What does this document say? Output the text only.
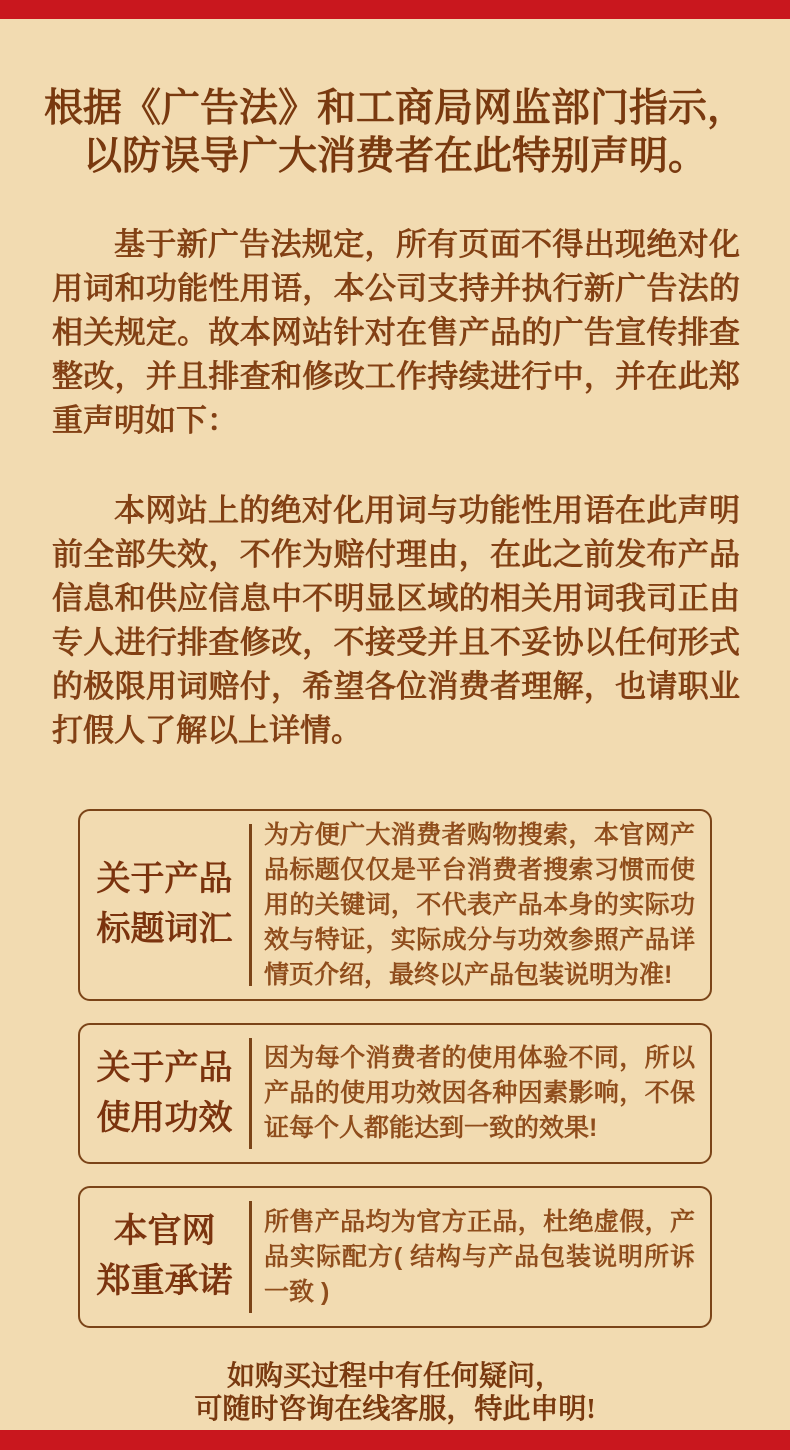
根据《广告法》和工商局网监部门指示，
以防误导广大消费者在此特别声明。

基于新广告法规定，所有页面不得出现绝对化用词和功能性用语，本公司支持并执行新广告法的相关规定。故本网站针对在售产品的广告宣传排查整改，并且排查和修改工作持续进行中，并在此郑重声明如下：

本网站上的绝对化用词与功能性用语在此声明前全部失效，不作为赔付理由，在此之前发布产品信息和供应信息中不明显区域的相关用词我司正由专人进行排查修改，不接受并且不妥协以任何形式的极限用词赔付，希望各位消费者理解，也请职业打假人了解以上详情。

关于产品
标题词汇

为方便广大消费者购物搜索，本官网产品标题仅仅是平台消费者搜索习惯而使用的关键词，不代表产品本身的实际功效与特证，实际成分与功效参照产品详情页介绍，最终以产品包装说明为准!

关于产品
使用功效

因为每个消费者的使用体验不同，所以产品的使用功效因各种因素影响，不保证每个人都能达到一致的效果!

本官网
郑重承诺

所售产品均为官方正品，杜绝虚假，产品实际配方( 结构与产品包装说明所诉一致 )

如购买过程中有任何疑问，
可随时咨询在线客服，特此申明!
